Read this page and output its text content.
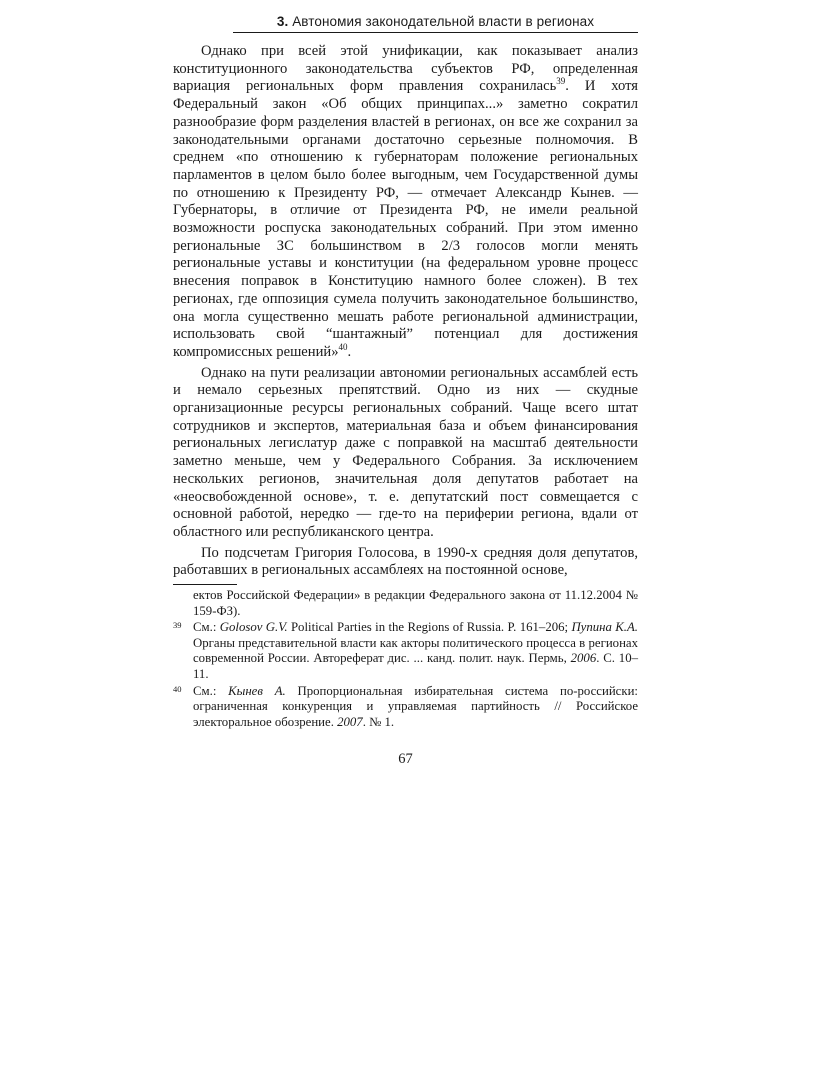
3. Автономия законодательной власти в регионах

Однако при всей этой унификации, как показывает анализ конституционного законодательства субъектов РФ, определенная вариация региональных форм правления сохранилась$^{39}$. И хотя Федеральный закон «Об общих принципах...» заметно сократил разнообразие форм разделения властей в регионах, он все же сохранил за законодательными органами достаточно серьезные полномочия. В среднем «по отношению к губернаторам положение региональных парламентов в целом было более выгодным, чем Государственной думы по отношению к Президенту РФ, — отмечает Александр Кынев. — Губернаторы, в отличие от Президента РФ, не имели реальной возможности роспуска законодательных собраний. При этом именно региональные ЗС большинством в 2/3 голосов могли менять региональные уставы и конституции (на федеральном уровне процесс внесения поправок в Конституцию намного более сложен). В тех регионах, где оппозиция сумела получить законодательное большинство, она могла существенно мешать работе региональной администрации, использовать свой “шантажный” потенциал для достижения компромиссных решений»$^{40}$.

Однако на пути реализации автономии региональных ассамблей есть и немало серьезных препятствий. Одно из них — скудные организационные ресурсы региональных собраний. Чаще всего штат сотрудников и экспертов, материальная база и объем финансирования региональных легислатур даже с поправкой на масштаб деятельности заметно меньше, чем у Федерального Собрания. За исключением нескольких регионов, значительная доля депутатов работает на «неосвобожденной основе», т. е. депутатский пост совмещается с основной работой, нередко — где-то на периферии региона, вдали от областного или республиканского центра.

По подсчетам Григория Голосова, в 1990-х средняя доля депутатов, работавших в региональных ассамблеях на постоянной основе,

ектов Российской Федерации» в редакции Федерального закона от 11.12.2004 № 159-ФЗ).
39 См.: Golosov G.V. Political Parties in the Regions of Russia. P. 161–206; Пупина К.А. Органы представительной власти как акторы политического процесса в регионах современной России. Автореферат дис. ... канд. полит. наук. Пермь, 2006. С. 10–11.
40 См.: Кынев А. Пропорциональная избирательная система по-российски: ограниченная конкуренция и управляемая партийность // Российское электоральное обозрение. 2007. № 1.
67
